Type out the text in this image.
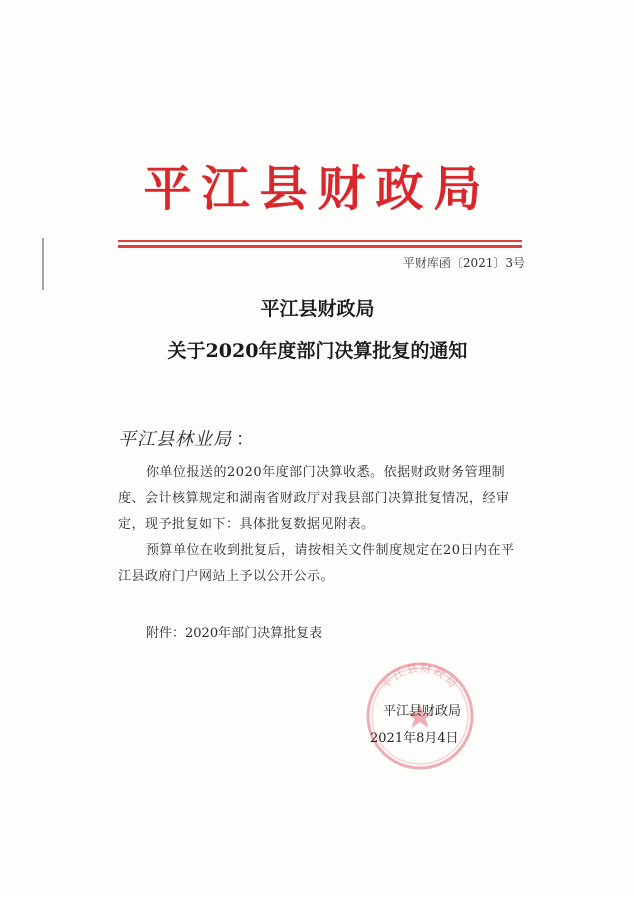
平江县财政局
平财库函〔2021〕3号
平江县财政局
关于2020年度部门决算批复的通知
平江县林业局 ：
你单位报送的2020年度部门决算收悉。依据财政财务管理制度、会计核算规定和湖南省财政厅对我县部门决算批复情况，经审定，现予批复如下：具体批复数据见附表。
预算单位在收到批复后，请按相关文件制度规定在20日内在平江县政府门户网站上予以公开公示。
附件：2020年部门决算批复表
平江县财政局
平江县财政局
2021年8月4日
